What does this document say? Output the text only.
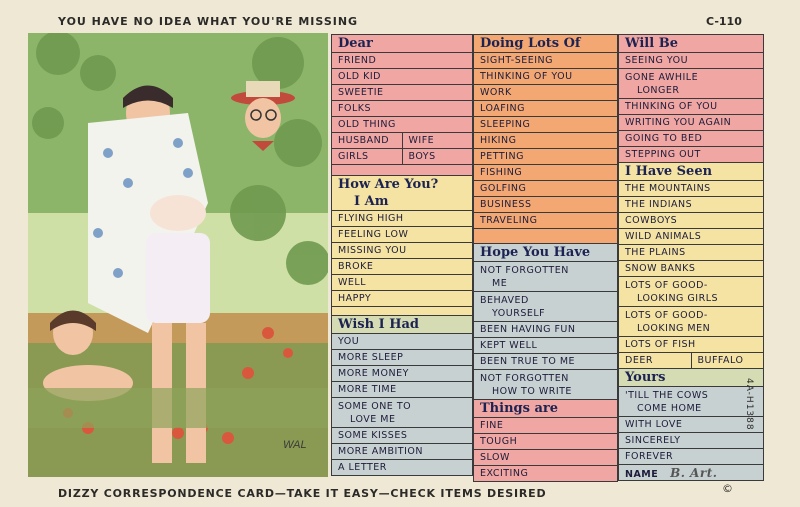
YOU HAVE NO IDEA WHAT YOU'RE MISSING	C-110
WAL
Dear
FRIEND
OLD KID
SWEETIE
FOLKS
OLD THING
HUSBAND	WIFE
GIRLS	BOYS
How Are You?
I Am
FLYING HIGH
FEELING LOW
MISSING YOU
BROKE
WELL
HAPPY
Wish I Had
YOU
MORE SLEEP
MORE MONEY
MORE TIME
SOME ONE TO
LOVE ME
SOME KISSES
MORE AMBITION
A LETTER
Doing Lots Of
SIGHT-SEEING
THINKING OF YOU
WORK
LOAFING
SLEEPING
HIKING
PETTING
FISHING
GOLFING
BUSINESS
TRAVELING
Hope You Have
NOT FORGOTTEN
ME
BEHAVED
YOURSELF
BEEN HAVING FUN
KEPT WELL
BEEN TRUE TO ME
NOT FORGOTTEN
HOW TO WRITE
Things are
FINE
TOUGH
SLOW
EXCITING
Will Be
SEEING YOU
GONE AWHILE
LONGER
THINKING OF YOU
WRITING YOU AGAIN
GOING TO BED
STEPPING OUT
I Have Seen
THE MOUNTAINS
THE INDIANS
COWBOYS
WILD ANIMALS
THE PLAINS
SNOW BANKS
LOTS OF GOOD-
LOOKING GIRLS
LOTS OF GOOD-
LOOKING MEN
LOTS OF FISH
DEER	BUFFALO
Yours
'TILL THE COWS
COME HOME
WITH LOVE
SINCERELY
FOREVER
NAME B. Art.
4A-H1388
DIZZY CORRESPONDENCE CARD—TAKE IT EASY—CHECK ITEMS DESIRED	©
